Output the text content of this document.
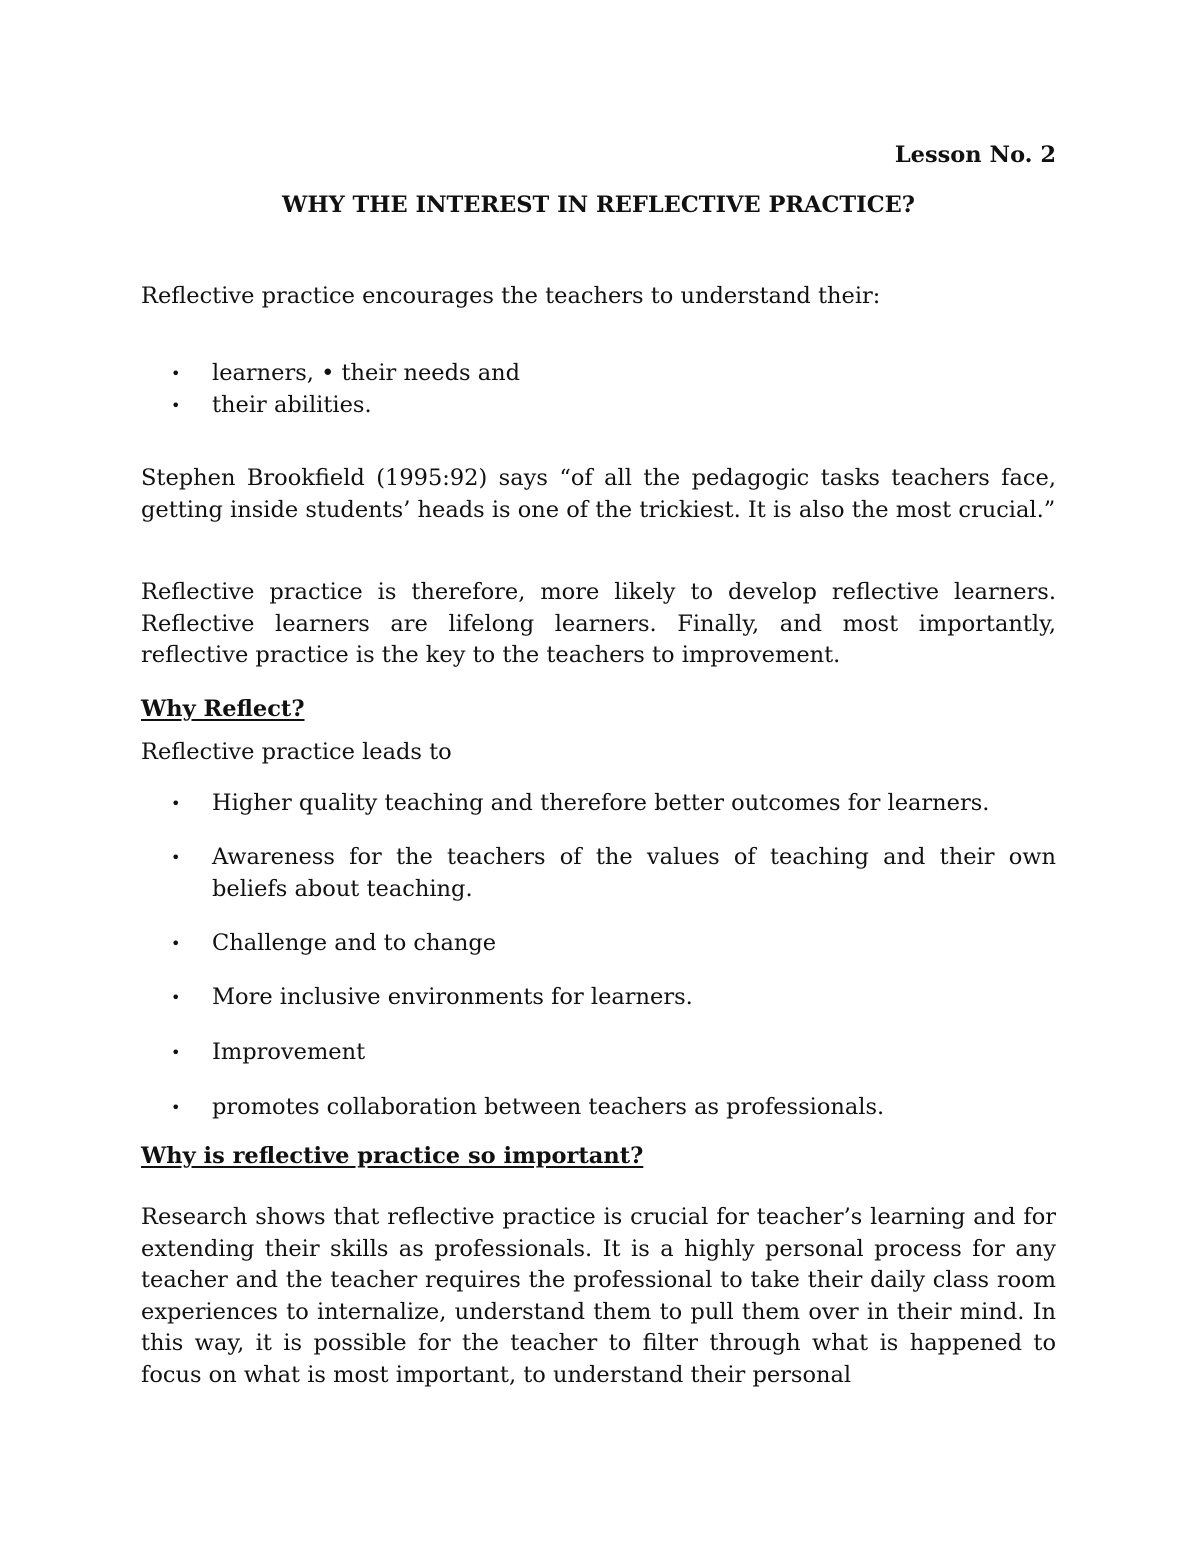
Lesson No. 2

WHY THE INTEREST IN REFLECTIVE PRACTICE?

Reflective practice encourages the teachers to understand their:

• learners, • their needs and
• their abilities.

Stephen Brookfield (1995:92) says “of all the pedagogic tasks teachers face, getting inside students’ heads is one of the trickiest. It is also the most crucial.”

Reflective practice is therefore, more likely to develop reflective learners. Reflective learners are lifelong learners. Finally, and most importantly, reflective practice is the key to the teachers to improvement.

Why Reflect?

Reflective practice leads to

• Higher quality teaching and therefore better outcomes for learners.
• Awareness for the teachers of the values of teaching and their own beliefs about teaching.
• Challenge and to change
• More inclusive environments for learners.
• Improvement
• promotes collaboration between teachers as professionals.

Why is reflective practice so important?

Research shows that reflective practice is crucial for teacher’s learning and for extending their skills as professionals. It is a highly personal process for any teacher and the teacher requires the professional to take their daily class room experiences to internalize, understand them to pull them over in their mind. In this way, it is possible for the teacher to filter through what is happened to focus on what is most important, to understand their personal
